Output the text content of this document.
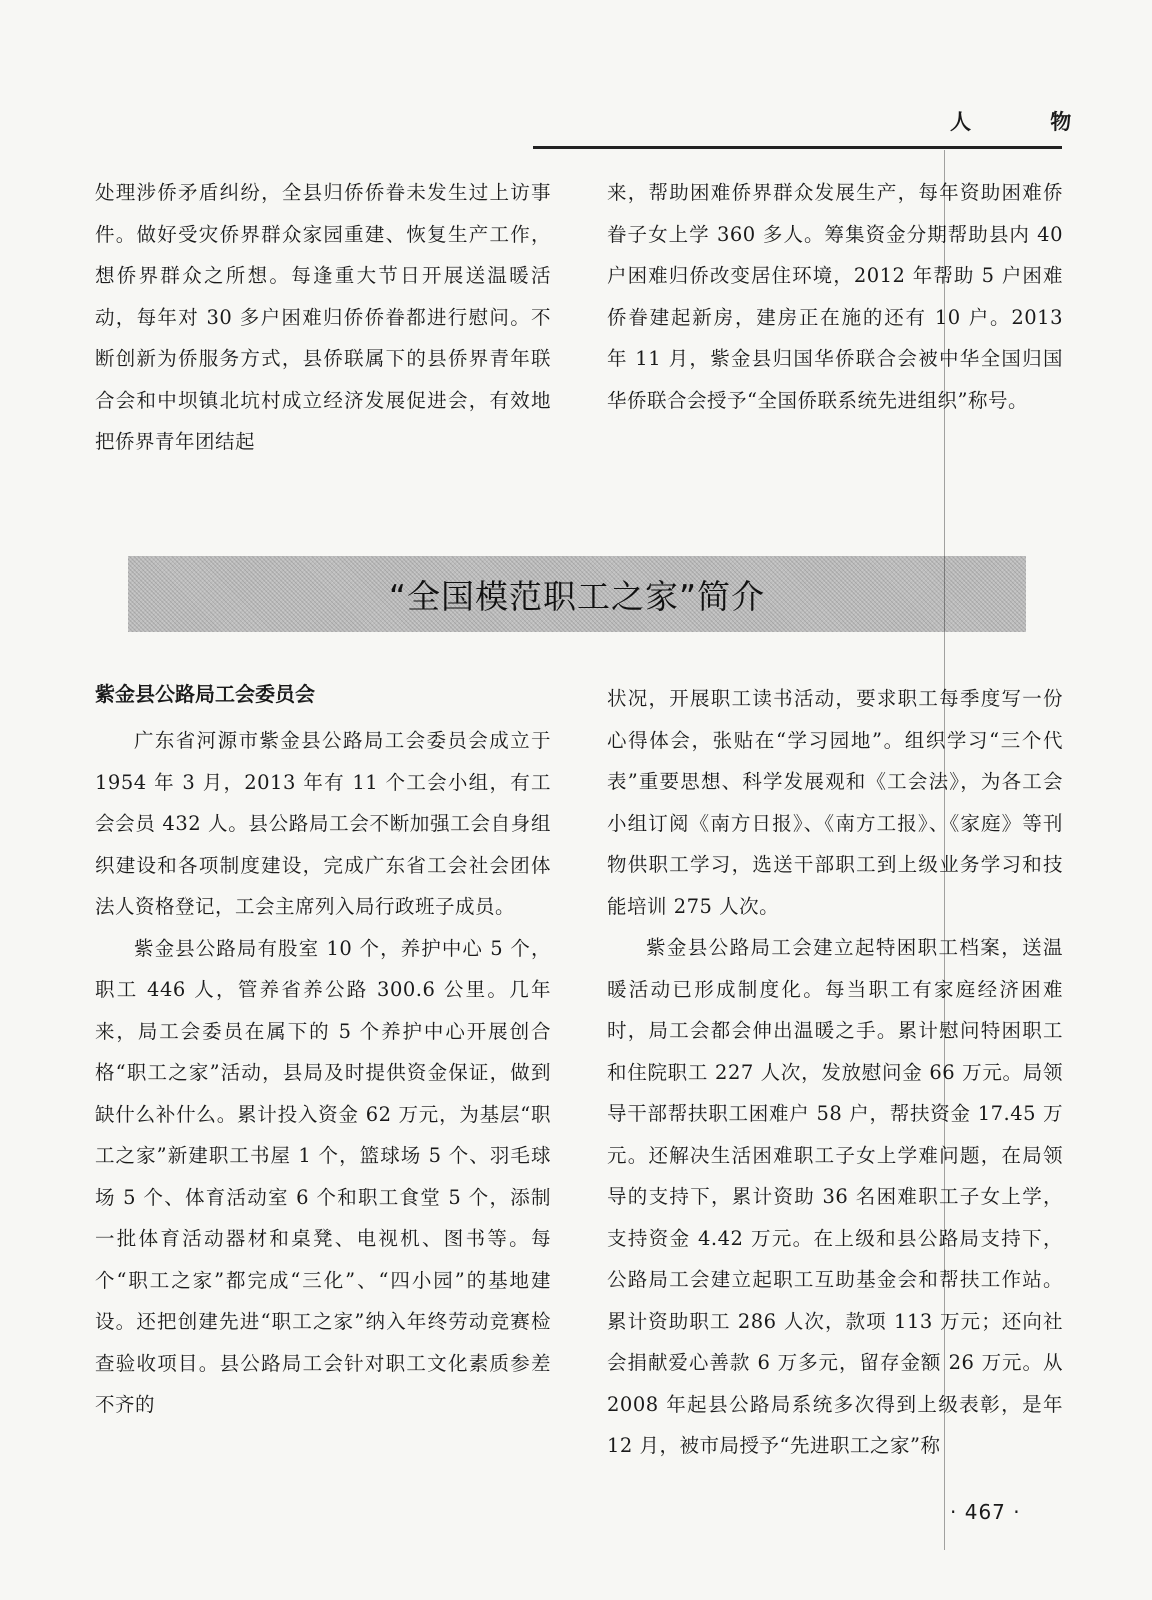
人 物

处理涉侨矛盾纠纷，全县归侨侨眷未发生过上访事件。做好受灾侨界群众家园重建、恢复生产工作，想侨界群众之所想。每逢重大节日开展送温暖活动，每年对 30 多户困难归侨侨眷都进行慰问。不断创新为侨服务方式，县侨联属下的县侨界青年联合会和中坝镇北坑村成立经济发展促进会，有效地把侨界青年团结起

来，帮助困难侨界群众发展生产，每年资助困难侨眷子女上学 360 多人。筹集资金分期帮助县内 40 户困难归侨改变居住环境，2012 年帮助 5 户困难侨眷建起新房，建房正在施的还有 10 户。2013 年 11 月，紫金县归国华侨联合会被中华全国归国华侨联合会授予“全国侨联系统先进组织”称号。

“全国模范职工之家”简介
紫金县公路局工会委员会

广东省河源市紫金县公路局工会委员会成立于 1954 年 3 月，2013 年有 11 个工会小组，有工会会员 432 人。县公路局工会不断加强工会自身组织建设和各项制度建设，完成广东省工会社会团体法人资格登记，工会主席列入局行政班子成员。

紫金县公路局有股室 10 个，养护中心 5 个，职工 446 人，管养省养公路 300.6 公里。几年来，局工会委员在属下的 5 个养护中心开展创合格“职工之家”活动，县局及时提供资金保证，做到缺什么补什么。累计投入资金 62 万元，为基层“职工之家”新建职工书屋 1 个，篮球场 5 个、羽毛球场 5 个、体育活动室 6 个和职工食堂 5 个，添制一批体育活动器材和桌凳、电视机、图书等。每个“职工之家”都完成“三化”、“四小园”的基地建设。还把创建先进“职工之家”纳入年终劳动竞赛检查验收项目。县公路局工会针对职工文化素质参差不齐的

状况，开展职工读书活动，要求职工每季度写一份心得体会，张贴在“学习园地”。组织学习“三个代表”重要思想、科学发展观和《工会法》，为各工会小组订阅《南方日报》、《南方工报》、《家庭》等刊物供职工学习，选送干部职工到上级业务学习和技能培训 275 人次。

紫金县公路局工会建立起特困职工档案，送温暖活动已形成制度化。每当职工有家庭经济困难时，局工会都会伸出温暖之手。累计慰问特困职工和住院职工 227 人次，发放慰问金 66 万元。局领导干部帮扶职工困难户 58 户，帮扶资金 17.45 万元。还解决生活困难职工子女上学难问题，在局领导的支持下，累计资助 36 名困难职工子女上学，支持资金 4.42 万元。在上级和县公路局支持下，公路局工会建立起职工互助基金会和帮扶工作站。累计资助职工 286 人次，款项 113 万元；还向社会捐献爱心善款 6 万多元，留存金额 26 万元。从 2008 年起县公路局系统多次得到上级表彰，是年 12 月，被市局授予“先进职工之家”称

· 467 ·
